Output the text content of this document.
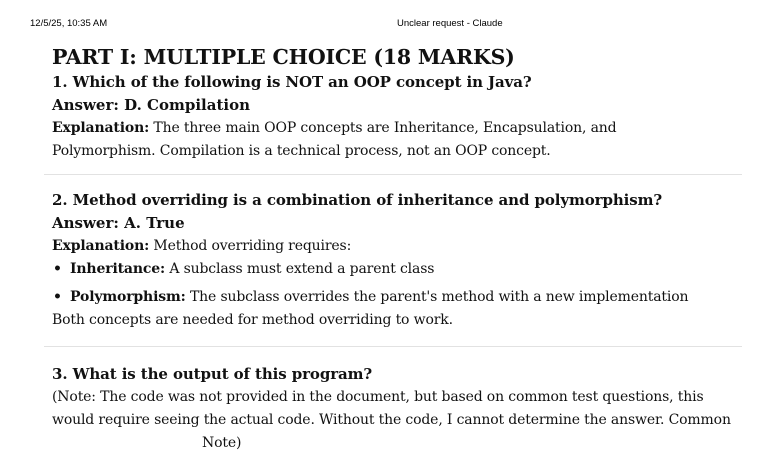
12/5/25, 10:35 AM	Unclear request - Claude
PART I: MULTIPLE CHOICE (18 MARKS)

1. Which of the following is NOT an OOP concept in Java?

Answer: D. Compilation

Explanation: The three main OOP concepts are Inheritance, Encapsulation, and

Polymorphism. Compilation is a technical process, not an OOP concept.

2. Method overriding is a combination of inheritance and polymorphism?

Answer: A. True

Explanation: Method overriding requires:

• Inheritance: A subclass must extend a parent class
• Polymorphism: The subclass overrides the parent's method with a new implementation

Both concepts are needed for method overriding to work.

3. What is the output of this program?

(Note: The code was not provided in the document, but based on common test questions, this

would require seeing the actual code. Without the code, I cannot determine the answer. Common

Note)
